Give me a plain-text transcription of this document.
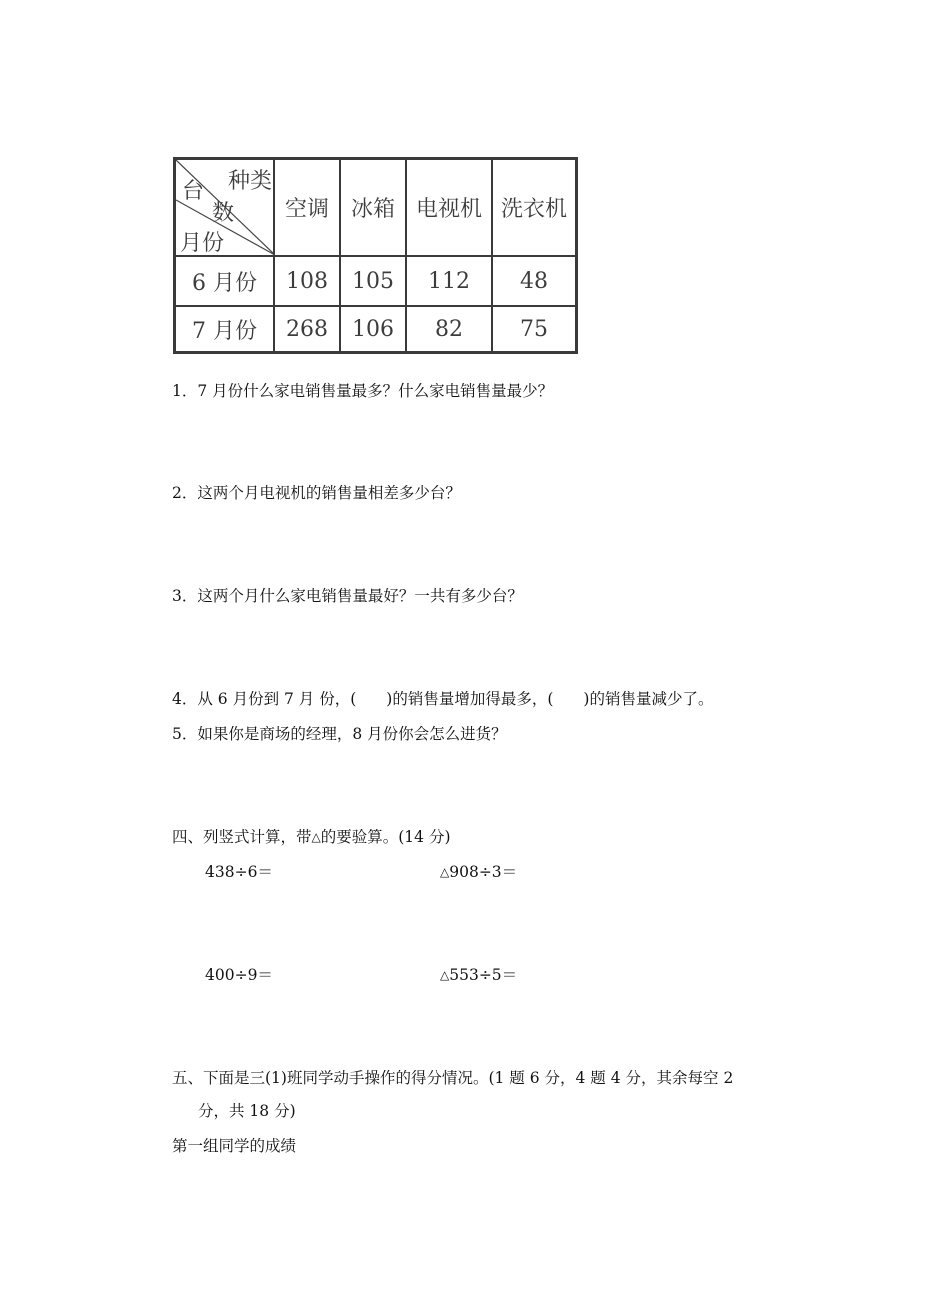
种类
台
数
月份
空调 冰箱 电视机 洗衣机
6 月份	108	105	112	48
7 月份	268	106	82	75
1．7 月份什么家电销售量最多？什么家电销售量最少？
2．这两个月电视机的销售量相差多少台？
3．这两个月什么家电销售量最好？一共有多少台？
4．从 6 月份到 7 月 份，( )的销售量增加得最多，( )的销售量减少了。
5．如果你是商场的经理，8 月份你会怎么进货？
四、列竖式计算，带△的要验算。(14 分)
438÷6＝	△908÷3＝
400÷9＝	△553÷5＝
五、下面是三(1)班同学动手操作的得分情况。(1 题 6 分，4 题 4 分，其余每空 2
分，共 18 分)
第一组同学的成绩
